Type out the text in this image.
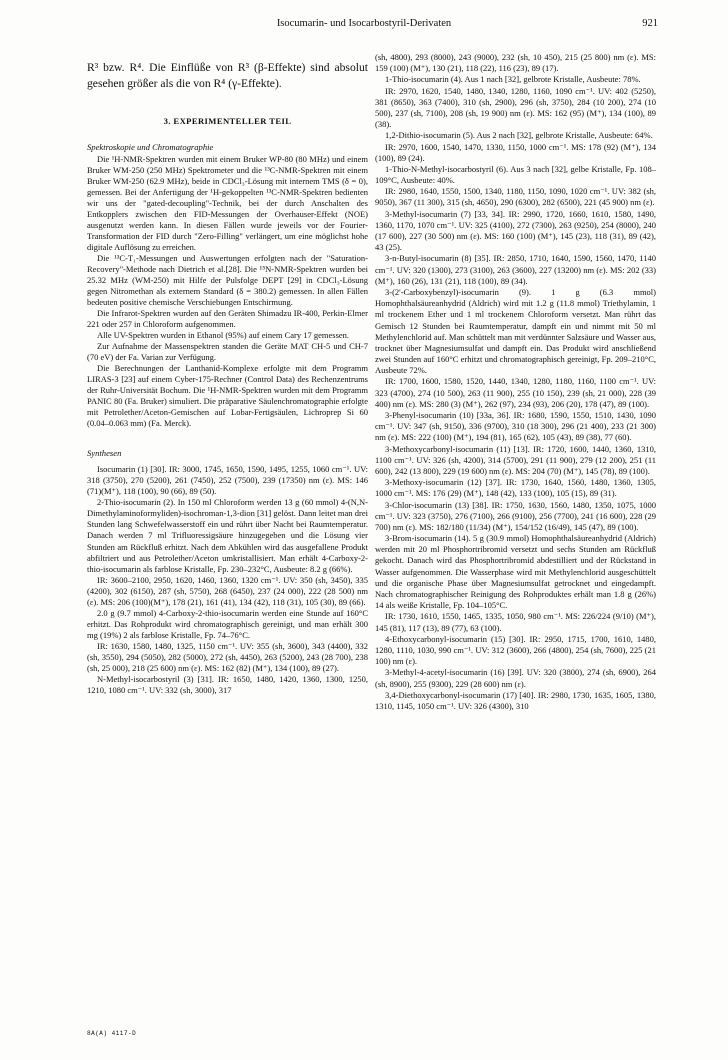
Isocumarin- und Isocarbostyril-Derivaten	921

R³ bzw. R⁴. Die Einflüße von R³ (β-Effekte) sind absolut gesehen größer als die von R⁴ (γ-Effekte).

3. EXPERIMENTELLER TEIL
Spektroskopie und Chromatographie

Die ¹H-NMR-Spektren wurden mit einem Bruker WP-80 (80 MHz) und einem Bruker WM-250 (250 MHz) Spektrometer und die ¹³C-NMR-Spektren mit einem Bruker WM-250 (62.9 MHz), beide in CDCl₃-Lösung mit internem TMS (δ = 0), gemessen. Bei der Anfertigung der ¹H-gekoppelten ¹³C-NMR-Spektren bedienten wir uns der "gated-decoupling"-Technik, bei der durch Anschalten des Entkopplers zwischen den FID-Messungen der Overhauser-Effekt (NOE) ausgenutzt werden kann. In diesen Fällen wurde jeweils vor der Fourier-Transformation der FID durch "Zero-Filling" verlängert, um eine möglichst hohe digitale Auflösung zu erreichen.

Die ¹³C-T₁-Messungen und Auswertungen erfolgten nach der "Saturation-Recovery"-Methode nach Dietrich et al.[28]. Die ¹⁵N-NMR-Spektren wurden bei 25.32 MHz (WM-250) mit Hilfe der Pulsfolge DEPT [29] in CDCl₃-Lösung gegen Nitromethan als externem Standard (δ = 380.2) gemessen. In allen Fällen bedeuten positive chemische Verschiebungen Entschirmung.

Die Infrarot-Spektren wurden auf den Geräten Shimadzu IR-400, Perkin-Elmer 221 oder 257 in Chloroform aufgenommen.

Alle UV-Spektren wurden in Ethanol (95%) auf einem Cary 17 gemessen.

Zur Aufnahme der Massenspektren standen die Geräte MAT CH-5 und CH-7 (70 eV) der Fa. Varian zur Verfügung.

Die Berechnungen der Lanthanid-Komplexe erfolgte mit dem Programm LIRAS-3 [23] auf einem Cyber-175-Rechner (Control Data) des Rechenzentrums der Ruhr-Universität Bochum. Die ¹H-NMR-Spektren wurden mit dem Programm PANIC 80 (Fa. Bruker) simuliert. Die präparative Säulenchromatographie erfolgte mit Petrolether/Aceton-Gemischen auf Lobar-Fertigsäulen, Lichroprep Si 60 (0.04–0.063 mm) (Fa. Merck).

Synthesen

Isocumarin (1) [30]. IR: 3000, 1745, 1650, 1590, 1495, 1255, 1060 cm⁻¹. UV: 318 (3750), 270 (5200), 261 (7450), 252 (7500), 239 (17350) nm (ε). MS: 146 (71)(M⁺), 118 (100), 90 (66), 89 (50).

2-Thio-isocumarin (2). In 150 ml Chloroform werden 13 g (60 mmol) 4-(N,N-Dimethylaminoformyliden)-isochroman-1,3-dion [31] gelöst. Dann leitet man drei Stunden lang Schwefelwasserstoff ein und rührt über Nacht bei Raumtemperatur. Danach werden 7 ml Trifluoressigsäure hinzugegeben und die Lösung vier Stunden am Rückfluß erhitzt. Nach dem Abkühlen wird das ausgefallene Produkt abfiltriert und aus Petrolether/Aceton umkristallisiert. Man erhält 4-Carboxy-2-thio-isocumarin als farblose Kristalle, Fp. 230–232°C, Ausbeute: 8.2 g (66%).

IR: 3600–2100, 2950, 1620, 1460, 1360, 1320 cm⁻¹. UV: 350 (sh, 3450), 335 (4200), 302 (6150), 287 (sh, 5750), 268 (6450), 237 (24 000), 222 (28 500) nm (ε). MS: 206 (100)(M⁺), 178 (21), 161 (41), 134 (42), 118 (31), 105 (30), 89 (66).

2.0 g (9.7 mmol) 4-Carboxy-2-thio-isocumarin werden eine Stunde auf 160°C erhitzt. Das Rohprodukt wird chromatographisch gereinigt, und man erhält 300 mg (19%) 2 als farblose Kristalle, Fp. 74–76°C.

IR: 1630, 1580, 1480, 1325, 1150 cm⁻¹. UV: 355 (sh, 3600), 343 (4400), 332 (sh, 3550), 294 (5050), 282 (5000), 272 (sh, 4450), 263 (5200), 243 (28 700), 238 (sh, 25 000), 218 (25 600) nm (ε). MS: 162 (82) (M⁺), 134 (100), 89 (27).

N-Methyl-isocarbostyril (3) [31]. IR: 1650, 1480, 1420, 1360, 1300, 1250, 1210, 1080 cm⁻¹. UV: 332 (sh, 3000), 317

(sh, 4800), 293 (8000), 243 (9000), 232 (sh, 10 450), 215 (25 800) nm (ε). MS: 159 (100) (M⁺), 130 (21), 118 (22), 116 (23), 89 (17).

1-Thio-isocumarin (4). Aus 1 nach [32], gelbrote Kristalle, Ausbeute: 78%.

IR: 2970, 1620, 1540, 1480, 1340, 1280, 1160, 1090 cm⁻¹. UV: 402 (5250), 381 (8650), 363 (7400), 310 (sh, 2900), 296 (sh, 3750), 284 (10 200), 274 (10 500), 237 (sh, 7100), 208 (sh, 19 900) nm (ε). MS: 162 (95) (M⁺), 134 (100), 89 (38).

1,2-Dithio-isocumarin (5). Aus 2 nach [32], gelbrote Kristalle, Ausbeute: 64%.

IR: 2970, 1600, 1540, 1470, 1330, 1150, 1000 cm⁻¹. MS: 178 (92) (M⁺), 134 (100), 89 (24).

1-Thio-N-Methyl-isocarbostyril (6). Aus 3 nach [32], gelbe Kristalle, Fp. 108–109°C, Ausbeute: 40%.

IR: 2980, 1640, 1550, 1500, 1340, 1180, 1150, 1090, 1020 cm⁻¹. UV: 382 (sh, 9050), 367 (11 300), 315 (sh, 4650), 290 (6300), 282 (6500), 221 (45 900) nm (ε).

3-Methyl-isocumarin (7) [33, 34]. IR: 2990, 1720, 1660, 1610, 1580, 1490, 1360, 1170, 1070 cm⁻¹. UV: 325 (4100), 272 (7300), 263 (9250), 254 (8000), 240 (17 600), 227 (30 500) nm (ε). MS: 160 (100) (M⁺), 145 (23), 118 (31), 89 (42), 43 (25).

3-n-Butyl-isocumarin (8) [35]. IR: 2850, 1710, 1640, 1590, 1560, 1470, 1140 cm⁻¹. UV: 320 (1300), 273 (3100), 263 (3600), 227 (13200) nm (ε). MS: 202 (33) (M⁺), 160 (26), 131 (21), 118 (100), 89 (34).

3-(2'-Carboxybenzyl)-isocumarin (9). 1 g (6.3 mmol) Homophthalsäureanhydrid (Aldrich) wird mit 1.2 g (11.8 mmol) Triethylamin, 1 ml trockenem Ether und 1 ml trockenem Chloroform versetzt. Man rührt das Gemisch 12 Stunden bei Raumtemperatur, dampft ein und nimmt mit 50 ml Methylenchlorid auf. Man schüttelt man mit verdünnter Salzsäure und Wasser aus, trocknet über Magnesiumsulfat und dampft ein. Das Produkt wird anschließend zwei Stunden auf 160°C erhitzt und chromatographisch gereinigt, Fp. 209–210°C, Ausbeute 72%.

IR: 1700, 1600, 1580, 1520, 1440, 1340, 1280, 1180, 1160, 1100 cm⁻¹. UV: 323 (4700), 274 (10 500), 263 (11 900), 255 (10 150), 239 (sh, 21 000), 228 (39 400) nm (ε). MS: 280 (3) (M⁺), 262 (97), 234 (93), 206 (20), 178 (47), 89 (100).

3-Phenyl-isocumarin (10) [33a, 36]. IR: 1680, 1590, 1550, 1510, 1430, 1090 cm⁻¹. UV: 347 (sh, 9150), 336 (9700), 310 (18 300), 296 (21 400), 233 (21 300) nm (ε). MS: 222 (100) (M⁺), 194 (81), 165 (62), 105 (43), 89 (38), 77 (60).

3-Methoxycarbonyl-isocumarin (11) [13]. IR: 1720, 1600, 1440, 1360, 1310, 1100 cm⁻¹. UV: 326 (sh, 4200), 314 (5700), 291 (11 900), 279 (12 200), 251 (11 600), 242 (13 800), 229 (19 600) nm (ε). MS: 204 (70) (M⁺), 145 (78), 89 (100).

3-Methoxy-isocumarin (12) [37]. IR: 1730, 1640, 1560, 1480, 1360, 1305, 1000 cm⁻¹. MS: 176 (29) (M⁺), 148 (42), 133 (100), 105 (15), 89 (31).

3-Chlor-isocumarin (13) [38]. IR: 1750, 1630, 1560, 1480, 1350, 1075, 1000 cm⁻¹. UV: 323 (3750), 276 (7100), 266 (9100), 256 (7700), 241 (16 600), 228 (29 700) nm (ε). MS: 182/180 (11/34) (M⁺), 154/152 (16/49), 145 (47), 89 (100).

3-Brom-isocumarin (14). 5 g (30.9 mmol) Homophthalsäureanhydrid (Aldrich) werden mit 20 ml Phosphortribromid versetzt und sechs Stunden am Rückfluß gekocht. Danach wird das Phosphortribromid abdestilliert und der Rückstand in Wasser aufgenommen. Die Wasserphase wird mit Methylenchlorid ausgeschüttelt und die organische Phase über Magnesiumsulfat getrocknet und eingedampft. Nach chromatographischer Reinigung des Rohproduktes erhält man 1.8 g (26%) 14 als weiße Kristalle, Fp. 104–105°C.

IR: 1730, 1610, 1550, 1465, 1335, 1050, 980 cm⁻¹. MS: 226/224 (9/10) (M⁺), 145 (81), 117 (13), 89 (77), 63 (100).

4-Ethoxycarbonyl-isocumarin (15) [30]. IR: 2950, 1715, 1700, 1610, 1480, 1280, 1110, 1030, 990 cm⁻¹. UV: 312 (3600), 266 (4800), 254 (sh, 7600), 225 (21 100) nm (ε).

3-Methyl-4-acetyl-isocumarin (16) [39]. UV: 320 (3800), 274 (sh, 6900), 264 (sh, 8900), 255 (9300), 229 (28 600) nm (ε).

3,4-Diethoxycarbonyl-isocumarin (17) [40]. IR: 2980, 1730, 1635, 1605, 1380, 1310, 1145, 1050 cm⁻¹. UV: 326 (4300), 310

8A(A) 4117-D
